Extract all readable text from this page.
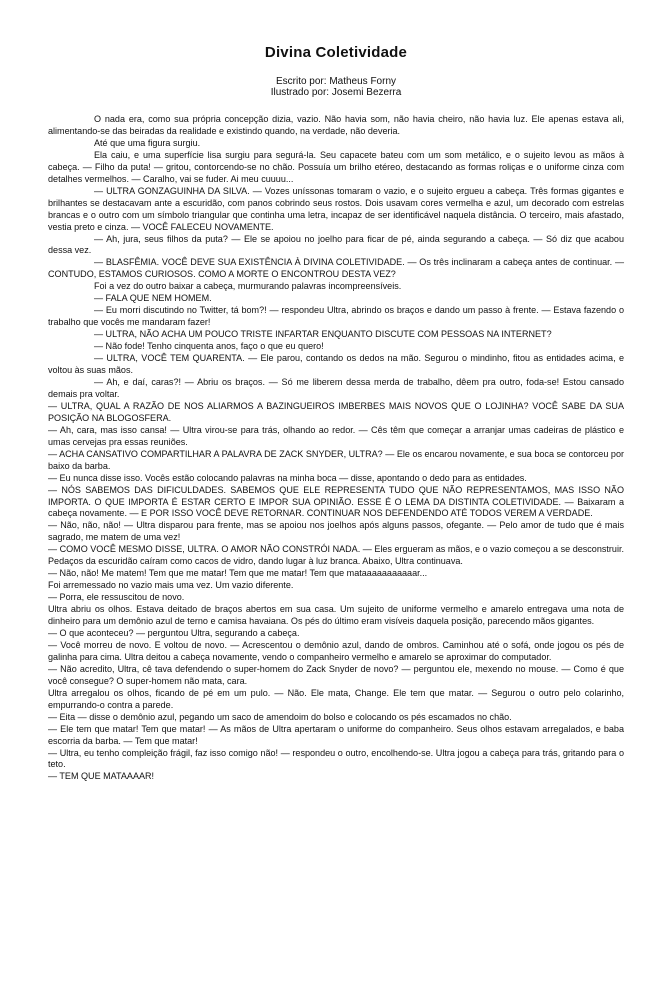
Divina Coletividade
Escrito por: Matheus Forny
Ilustrado por: Josemi Bezerra

O nada era, como sua própria concepção dizia, vazio. Não havia som, não havia cheiro, não havia luz. Ele apenas estava ali, alimentando-se das beiradas da realidade e existindo quando, na verdade, não deveria.

Até que uma figura surgiu.

Ela caiu, e uma superfície lisa surgiu para segurá-la. Seu capacete bateu com um som metálico, e o sujeito levou as mãos à cabeça. — Filho da puta! — gritou, contorcendo-se no chão. Possuía um brilho etéreo, destacando as formas roliças e o uniforme cinza com detalhes vermelhos. — Caralho, vai se fuder. Ai meu cuuuu...

— ULTRA GONZAGUINHA DA SILVA. — Vozes uníssonas tomaram o vazio, e o sujeito ergueu a cabeça. Três formas gigantes e brilhantes se destacavam ante a escuridão, com panos cobrindo seus rostos. Dois usavam cores vermelha e azul, um decorado com estrelas brancas e o outro com um símbolo triangular que continha uma letra, incapaz de ser identificável naquela distância. O terceiro, mais afastado, vestia preto e cinza. — VOCÊ FALECEU NOVAMENTE.

— Ah, jura, seus filhos da puta? — Ele se apoiou no joelho para ficar de pé, ainda segurando a cabeça. — Só diz que acabou dessa vez.

— BLASFÊMIA. VOCÊ DEVE SUA EXISTÊNCIA À DIVINA COLETIVIDADE. — Os três inclinaram a cabeça antes de continuar. — CONTUDO, ESTAMOS CURIOSOS. COMO A MORTE O ENCONTROU DESTA VEZ?

Foi a vez do outro baixar a cabeça, murmurando palavras incompreensíveis.

— FALA QUE NEM HOMEM.

— Eu morri discutindo no Twitter, tá bom?! — respondeu Ultra, abrindo os braços e dando um passo à frente. — Estava fazendo o trabalho que vocês me mandaram fazer!

— ULTRA, NÃO ACHA UM POUCO TRISTE INFARTAR ENQUANTO DISCUTE COM PESSOAS NA INTERNET?

— Não fode! Tenho cinquenta anos, faço o que eu quero!

— ULTRA, VOCÊ TEM QUARENTA. — Ele parou, contando os dedos na mão. Segurou o mindinho, fitou as entidades acima, e voltou às suas mãos.

— Ah, e daí, caras?! — Abriu os braços. — Só me liberem dessa merda de trabalho, dêem pra outro, foda-se! Estou cansado demais pra voltar.

— ULTRA, QUAL A RAZÃO DE NOS ALIARMOS A BAZINGUEIROS IMBERBES MAIS NOVOS QUE O LOJINHA? VOCÊ SABE DA SUA POSIÇÃO NA BLOGOSFERA.

— Ah, cara, mas isso cansa! — Ultra virou-se para trás, olhando ao redor. — Cês têm que começar a arranjar umas cadeiras de plástico e umas cervejas pra essas reuniões.

— ACHA CANSATIVO COMPARTILHAR A PALAVRA DE ZACK SNYDER, ULTRA? — Ele os encarou novamente, e sua boca se contorceu por baixo da barba.

— Eu nunca disse isso. Vocês estão colocando palavras na minha boca — disse, apontando o dedo para as entidades.

— NÓS SABEMOS DAS DIFICULDADES. SABEMOS QUE ELE REPRESENTA TUDO QUE NÃO REPRESENTAMOS, MAS ISSO NÃO IMPORTA. O QUE IMPORTA É ESTAR CERTO E IMPOR SUA OPINIÃO. ESSE É O LEMA DA DISTINTA COLETIVIDADE. — Baixaram a cabeça novamente. — E POR ISSO VOCÊ DEVE RETORNAR. CONTINUAR NOS DEFENDENDO ATÉ TODOS VEREM A VERDADE.

— Não, não, não! — Ultra disparou para frente, mas se apoiou nos joelhos após alguns passos, ofegante. — Pelo amor de tudo que é mais sagrado, me matem de uma vez!

— COMO VOCÊ MESMO DISSE, ULTRA. O AMOR NÃO CONSTRÓI NADA. — Eles ergueram as mãos, e o vazio começou a se desconstruir. Pedaços da escuridão caíram como cacos de vidro, dando lugar à luz branca. Abaixo, Ultra continuava.

— Não, não! Me matem! Tem que me matar! Tem que me matar! Tem que mataaaaaaaaaaar...

Foi arremessado no vazio mais uma vez. Um vazio diferente.

— Porra, ele ressuscitou de novo.

Ultra abriu os olhos. Estava deitado de braços abertos em sua casa. Um sujeito de uniforme vermelho e amarelo entregava uma nota de dinheiro para um demônio azul de terno e camisa havaiana. Os pés do último eram visíveis daquela posição, parecendo mãos gigantes.

— O que aconteceu? — perguntou Ultra, segurando a cabeça.

— Você morreu de novo. E voltou de novo. — Acrescentou o demônio azul, dando de ombros. Caminhou até o sofá, onde jogou os pés de galinha para cima. Ultra deitou a cabeça novamente, vendo o companheiro vermelho e amarelo se aproximar do computador.

— Não acredito, Ultra, cê tava defendendo o super-homem do Zack Snyder de novo? — perguntou ele, mexendo no mouse. — Como é que você consegue? O super-homem não mata, cara.

Ultra arregalou os olhos, ficando de pé em um pulo. — Não. Ele mata, Change. Ele tem que matar. — Segurou o outro pelo colarinho, empurrando-o contra a parede.

— Eita — disse o demônio azul, pegando um saco de amendoim do bolso e colocando os pés escamados no chão.

— Ele tem que matar! Tem que matar! — As mãos de Ultra apertaram o uniforme do companheiro. Seus olhos estavam arregalados, e baba escorria da barba. — Tem que matar!

— Ultra, eu tenho compleição frágil, faz isso comigo não! — respondeu o outro, encolhendo-se. Ultra jogou a cabeça para trás, gritando para o teto.

— TEM QUE MATAAAAR!
